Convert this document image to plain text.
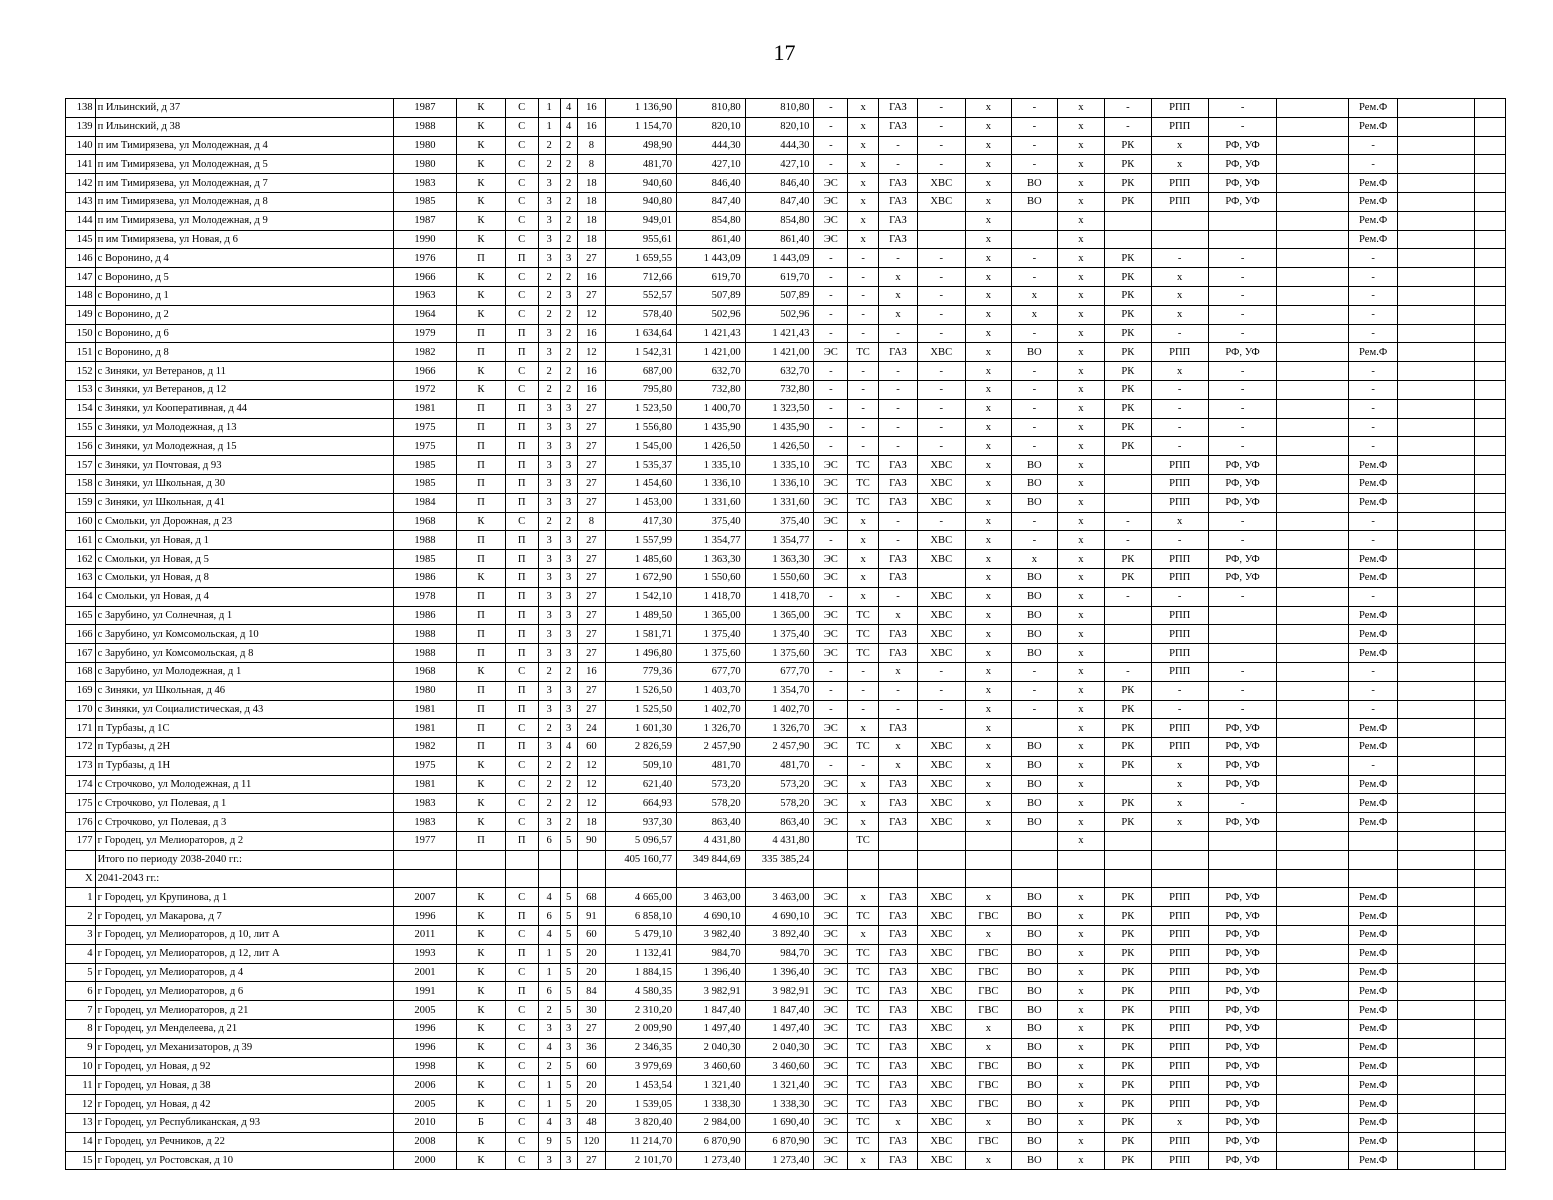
17
138	п Ильинский, д 37	1987	К	С	1	4	16	1 136,90	810,80	810,80	-	х	ГАЗ	-	х	-	х	-	РПП	-		Рем.Ф		
139	п Ильинский, д 38	1988	К	С	1	4	16	1 154,70	820,10	820,10	-	х	ГАЗ	-	х	-	х	-	РПП	-		Рем.Ф		
140	п им Тимирязева, ул Молодежная, д 4	1980	К	С	2	2	8	498,90	444,30	444,30	-	х	-	-	х	-	х	РК	х	РФ, УФ		-		
141	п им Тимирязева, ул Молодежная, д 5	1980	К	С	2	2	8	481,70	427,10	427,10	-	х	-	-	х	-	х	РК	х	РФ, УФ		-		
142	п им Тимирязева, ул Молодежная, д 7	1983	К	С	3	2	18	940,60	846,40	846,40	ЭС	х	ГАЗ	ХВС	х	ВО	х	РК	РПП	РФ, УФ		Рем.Ф		
143	п им Тимирязева, ул Молодежная, д 8	1985	К	С	3	2	18	940,80	847,40	847,40	ЭС	х	ГАЗ	ХВС	х	ВО	х	РК	РПП	РФ, УФ		Рем.Ф		
144	п им Тимирязева, ул Молодежная, д 9	1987	К	С	3	2	18	949,01	854,80	854,80	ЭС	х	ГАЗ		х		х					Рем.Ф		
145	п им Тимирязева, ул Новая, д 6	1990	К	С	3	2	18	955,61	861,40	861,40	ЭС	х	ГАЗ		х		х					Рем.Ф		
146	с Воронино, д 4	1976	П	П	3	3	27	1 659,55	1 443,09	1 443,09	-	-	-	-	х	-	х	РК	-	-		-		
147	с Воронино, д 5	1966	К	С	2	2	16	712,66	619,70	619,70	-	-	х	-	х	-	х	РК	х	-		-		
148	с Воронино, д 1	1963	К	С	2	3	27	552,57	507,89	507,89	-	-	х	-	х	х	х	РК	х	-		-		
149	с Воронино, д 2	1964	К	С	2	2	12	578,40	502,96	502,96	-	-	х	-	х	х	х	РК	х	-		-		
150	с Воронино, д 6	1979	П	П	3	2	16	1 634,64	1 421,43	1 421,43	-	-	-	-	х	-	х	РК	-	-		-		
151	с Воронино, д 8	1982	П	П	3	2	12	1 542,31	1 421,00	1 421,00	ЭС	ТС	ГАЗ	ХВС	х	ВО	х	РК	РПП	РФ, УФ		Рем.Ф		
152	с Зиняки, ул Ветеранов, д 11	1966	К	С	2	2	16	687,00	632,70	632,70	-	-	-	-	х	-	х	РК	х	-		-		
153	с Зиняки, ул Ветеранов, д 12	1972	К	С	2	2	16	795,80	732,80	732,80	-	-	-	-	х	-	х	РК	-	-		-		
154	с Зиняки, ул Кооперативная, д 44	1981	П	П	3	3	27	1 523,50	1 400,70	1 323,50	-	-	-	-	х	-	х	РК	-	-		-		
155	с Зиняки, ул Молодежная, д 13	1975	П	П	3	3	27	1 556,80	1 435,90	1 435,90	-	-	-	-	х	-	х	РК	-	-		-		
156	с Зиняки, ул Молодежная, д 15	1975	П	П	3	3	27	1 545,00	1 426,50	1 426,50	-	-	-	-	х	-	х	РК	-	-		-		
157	с Зиняки, ул Почтовая, д 93	1985	П	П	3	3	27	1 535,37	1 335,10	1 335,10	ЭС	ТС	ГАЗ	ХВС	х	ВО	х		РПП	РФ, УФ		Рем.Ф		
158	с Зиняки, ул Школьная, д 30	1985	П	П	3	3	27	1 454,60	1 336,10	1 336,10	ЭС	ТС	ГАЗ	ХВС	х	ВО	х		РПП	РФ, УФ		Рем.Ф		
159	с Зиняки, ул Школьная, д 41	1984	П	П	3	3	27	1 453,00	1 331,60	1 331,60	ЭС	ТС	ГАЗ	ХВС	х	ВО	х		РПП	РФ, УФ		Рем.Ф		
160	с Смольки, ул Дорожная, д 23	1968	К	С	2	2	8	417,30	375,40	375,40	ЭС	х	-	-	х	-	х	-	х	-		-		
161	с Смольки, ул Новая, д 1	1988	П	П	3	3	27	1 557,99	1 354,77	1 354,77	-	х	-	ХВС	х	-	х	-	-	-		-		
162	с Смольки, ул Новая, д 5	1985	П	П	3	3	27	1 485,60	1 363,30	1 363,30	ЭС	х	ГАЗ	ХВС	х	х	х	РК	РПП	РФ, УФ		Рем.Ф		
163	с Смольки, ул Новая, д 8	1986	К	П	3	3	27	1 672,90	1 550,60	1 550,60	ЭС	х	ГАЗ		х	ВО	х	РК	РПП	РФ, УФ		Рем.Ф		
164	с Смольки, ул Новая, д 4	1978	П	П	3	3	27	1 542,10	1 418,70	1 418,70	-	х	-	ХВС	х	ВО	х	-	-	-		-		
165	с Зарубино, ул Солнечная, д 1	1986	П	П	3	3	27	1 489,50	1 365,00	1 365,00	ЭС	ТС	х	ХВС	х	ВО	х		РПП			Рем.Ф		
166	с Зарубино, ул Комсомольская, д 10	1988	П	П	3	3	27	1 581,71	1 375,40	1 375,40	ЭС	ТС	ГАЗ	ХВС	х	ВО	х		РПП			Рем.Ф		
167	с Зарубино, ул Комсомольская, д 8	1988	П	П	3	3	27	1 496,80	1 375,60	1 375,60	ЭС	ТС	ГАЗ	ХВС	х	ВО	х		РПП			Рем.Ф		
168	с Зарубино, ул Молодежная, д 1	1968	К	С	2	2	16	779,36	677,70	677,70	-	-	х	-	х	-	х	-	РПП	-		-		
169	с Зиняки, ул Школьная, д 46	1980	П	П	3	3	27	1 526,50	1 403,70	1 354,70	-	-	-	-	х	-	х	РК	-	-		-		
170	с Зиняки, ул Социалистическая, д 43	1981	П	П	3	3	27	1 525,50	1 402,70	1 402,70	-	-	-	-	х	-	х	РК	-	-		-		
171	п Турбазы, д 1С	1981	П	С	2	3	24	1 601,30	1 326,70	1 326,70	ЭС	х	ГАЗ		х		х	РК	РПП	РФ, УФ		Рем.Ф		
172	п Турбазы, д 2Н	1982	П	П	3	4	60	2 826,59	2 457,90	2 457,90	ЭС	ТС	х	ХВС	х	ВО	х	РК	РПП	РФ, УФ		Рем.Ф		
173	п Турбазы, д 1Н	1975	К	С	2	2	12	509,10	481,70	481,70	-	-	х	ХВС	х	ВО	х	РК	х	РФ, УФ		-		
174	с Строчково, ул Молодежная, д 11	1981	К	С	2	2	12	621,40	573,20	573,20	ЭС	х	ГАЗ	ХВС	х	ВО	х		х	РФ, УФ		Рем.Ф		
175	с Строчково, ул Полевая, д 1	1983	К	С	2	2	12	664,93	578,20	578,20	ЭС	х	ГАЗ	ХВС	х	ВО	х	РК	х	-		Рем.Ф		
176	с Строчково, ул Полевая, д 3	1983	К	С	3	2	18	937,30	863,40	863,40	ЭС	х	ГАЗ	ХВС	х	ВО	х	РК	х	РФ, УФ		Рем.Ф		
177	г Городец, ул Мелиораторов, д 2	1977	П	П	6	5	90	5 096,57	4 431,80	4 431,80		ТС					х							
	Итого по периоду 2038-2040 гг.:							405 160,77	349 844,69	335 385,24														
Х	2041-2043 гг.:																							
1	г Городец, ул Крупинова, д 1	2007	К	С	4	5	68	4 665,00	3 463,00	3 463,00	ЭС	х	ГАЗ	ХВС	х	ВО	х	РК	РПП	РФ, УФ		Рем.Ф		
2	г Городец, ул Макарова, д 7	1996	К	П	6	5	91	6 858,10	4 690,10	4 690,10	ЭС	ТС	ГАЗ	ХВС	ГВС	ВО	х	РК	РПП	РФ, УФ		Рем.Ф		
3	г Городец, ул Мелиораторов, д 10, лит А	2011	К	С	4	5	60	5 479,10	3 982,40	3 892,40	ЭС	х	ГАЗ	ХВС	х	ВО	х	РК	РПП	РФ, УФ		Рем.Ф		
4	г Городец, ул Мелиораторов, д 12, лит А	1993	К	П	1	5	20	1 132,41	984,70	984,70	ЭС	ТС	ГАЗ	ХВС	ГВС	ВО	х	РК	РПП	РФ, УФ		Рем.Ф		
5	г Городец, ул Мелиораторов, д 4	2001	К	С	1	5	20	1 884,15	1 396,40	1 396,40	ЭС	ТС	ГАЗ	ХВС	ГВС	ВО	х	РК	РПП	РФ, УФ		Рем.Ф		
6	г Городец, ул Мелиораторов, д 6	1991	К	П	6	5	84	4 580,35	3 982,91	3 982,91	ЭС	ТС	ГАЗ	ХВС	ГВС	ВО	х	РК	РПП	РФ, УФ		Рем.Ф		
7	г Городец, ул Мелиораторов, д 21	2005	К	С	2	5	30	2 310,20	1 847,40	1 847,40	ЭС	ТС	ГАЗ	ХВС	ГВС	ВО	х	РК	РПП	РФ, УФ		Рем.Ф		
8	г Городец, ул Менделеева, д 21	1996	К	С	3	3	27	2 009,90	1 497,40	1 497,40	ЭС	ТС	ГАЗ	ХВС	х	ВО	х	РК	РПП	РФ, УФ		Рем.Ф		
9	г Городец, ул Механизаторов, д 39	1996	К	С	4	3	36	2 346,35	2 040,30	2 040,30	ЭС	ТС	ГАЗ	ХВС	х	ВО	х	РК	РПП	РФ, УФ		Рем.Ф		
10	г Городец, ул Новая, д 92	1998	К	С	2	5	60	3 979,69	3 460,60	3 460,60	ЭС	ТС	ГАЗ	ХВС	ГВС	ВО	х	РК	РПП	РФ, УФ		Рем.Ф		
11	г Городец, ул Новая, д 38	2006	К	С	1	5	20	1 453,54	1 321,40	1 321,40	ЭС	ТС	ГАЗ	ХВС	ГВС	ВО	х	РК	РПП	РФ, УФ		Рем.Ф		
12	г Городец, ул Новая, д 42	2005	К	С	1	5	20	1 539,05	1 338,30	1 338,30	ЭС	ТС	ГАЗ	ХВС	ГВС	ВО	х	РК	РПП	РФ, УФ		Рем.Ф		
13	г Городец, ул Республиканская, д 93	2010	Б	С	4	3	48	3 820,40	2 984,00	1 690,40	ЭС	ТС	х	ХВС	х	ВО	х	РК	х	РФ, УФ		Рем.Ф		
14	г Городец, ул Речников, д 22	2008	К	С	9	5	120	11 214,70	6 870,90	6 870,90	ЭС	ТС	ГАЗ	ХВС	ГВС	ВО	х	РК	РПП	РФ, УФ		Рем.Ф		
15	г Городец, ул Ростовская, д 10	2000	К	С	3	3	27	2 101,70	1 273,40	1 273,40	ЭС	х	ГАЗ	ХВС	х	ВО	х	РК	РПП	РФ, УФ		Рем.Ф		
